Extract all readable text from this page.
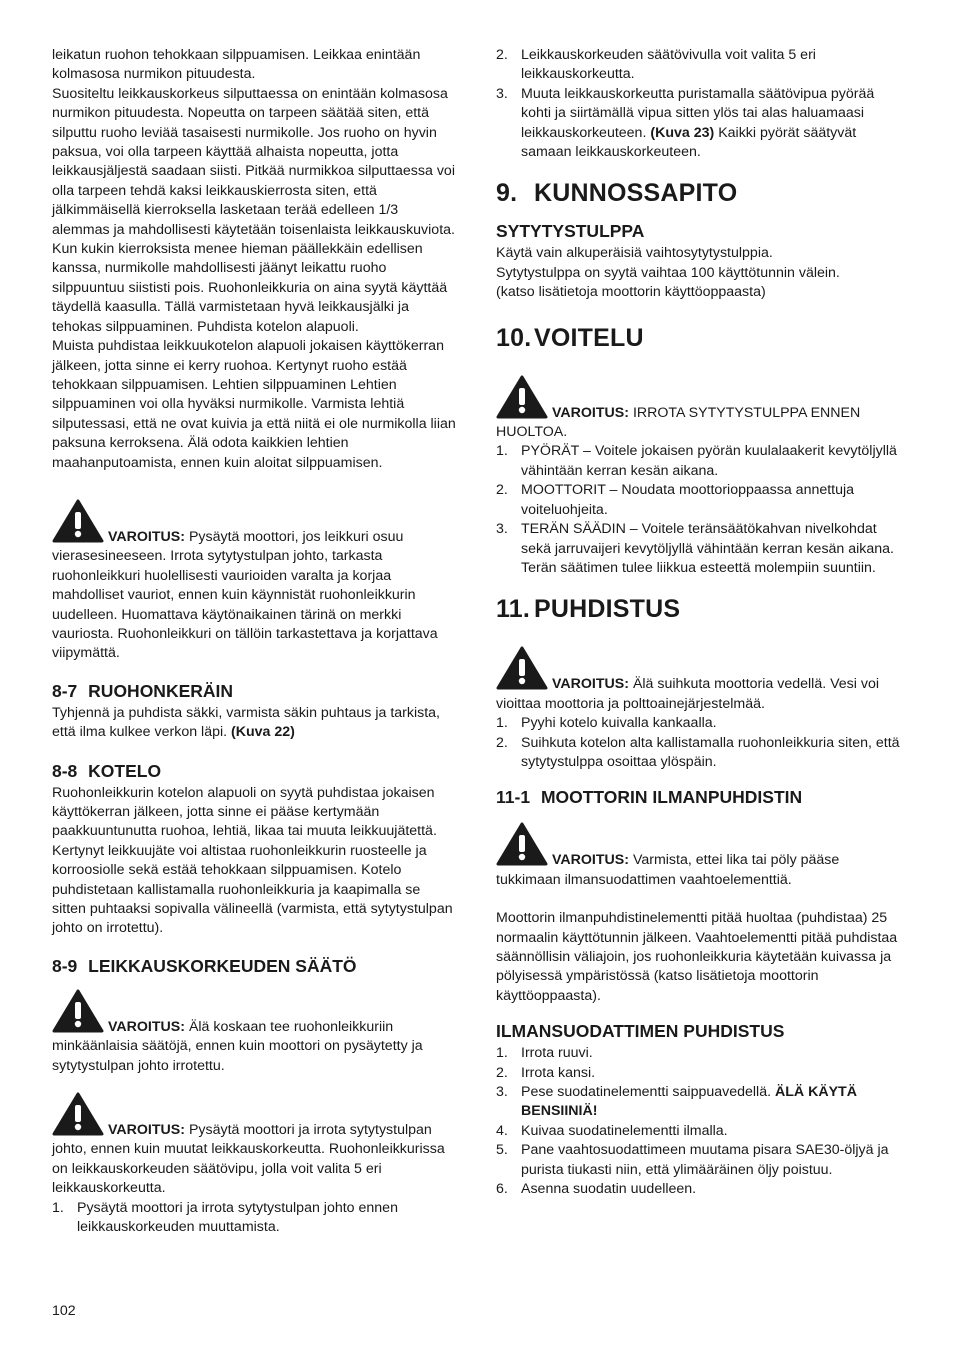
leikatun ruohon tehokkaan silppuamisen. Leikkaa enintään kolmasosa nurmikon pituudesta.

Suositeltu leikkauskorkeus silputtaessa on enintään kolmasosa nurmikon pituudesta. Nopeutta on tarpeen säätää siten, että silputtu ruoho leviää tasaisesti nurmikolle. Jos ruoho on hyvin paksua, voi olla tarpeen käyttää alhaista nopeutta, jotta leikkausjäljestä saadaan siisti. Pitkää nurmikkoa silputtaessa voi olla tarpeen tehdä kaksi leikkauskierrosta siten, että jälkimmäisellä kierroksella lasketaan terää edelleen 1/3 alemmas ja mahdollisesti käytetään toisenlaista leikkauskuviota. Kun kukin kierroksista menee hieman päällekkäin edellisen kanssa, nurmikolle mahdollisesti jäänyt leikattu ruoho silppuuntuu siististi pois. Ruohonleikkuria on aina syytä käyttää täydellä kaasulla. Tällä varmistetaan hyvä leikkausjälki ja tehokas silppuaminen. Puhdista kotelon alapuoli.

Muista puhdistaa leikkuukotelon alapuoli jokaisen käyttökerran jälkeen, jotta sinne ei kerry ruohoa. Kertynyt ruoho estää tehokkaan silppuamisen. Lehtien silppuaminen Lehtien silppuaminen voi olla hyväksi nurmikolle. Varmista lehtiä silputessasi, että ne ovat kuivia ja että niitä ei ole nurmikolla liian paksuna kerroksena. Älä odota kaikkien lehtien maahanputoamista, ennen kuin aloitat silppuamisen.

VAROITUS: Pysäytä moottori, jos leikkuri osuu vierasesineeseen. Irrota sytytystulpan johto, tarkasta ruohonleikkuri huolellisesti vaurioiden varalta ja korjaa mahdolliset vauriot, ennen kuin käynnistät ruohonleikkurin uudelleen. Huomattava käytönaikainen tärinä on merkki vauriosta. Ruohonleikkuri on tällöin tarkastettava ja korjattava viipymättä.

8-7 RUOHONKERÄIN

Tyhjennä ja puhdista säkki, varmista säkin puhtaus ja tarkista, että ilma kulkee verkon läpi. (Kuva 22)

8-8 KOTELO

Ruohonleikkurin kotelon alapuoli on syytä puhdistaa jokaisen käyttökerran jälkeen, jotta sinne ei pääse kertymään paakkuuntunutta ruohoa, lehtiä, likaa tai muuta leikkuujätettä. Kertynyt leikkuujäte voi altistaa ruohonleikkurin ruosteelle ja korroosiolle sekä estää tehokkaan silppuamisen. Kotelo puhdistetaan kallistamalla ruohonleikkuria ja kaapimalla se sitten puhtaaksi sopivalla välineellä (varmista, että sytytystulpan johto on irrotettu).

8-9 LEIKKAUSKORKEUDEN SÄÄTÖ

VAROITUS: Älä koskaan tee ruohonleikkuriin minkäänlaisia säätöjä, ennen kuin moottori on pysäytetty ja sytytystulpan johto irrotettu.

VAROITUS: Pysäytä moottori ja irrota sytytystulpan johto, ennen kuin muutat leikkauskorkeutta. Ruohonleikkurissa on leikkauskorkeuden säätövipu, jolla voit valita 5 eri leikkauskorkeutta.

1. Pysäytä moottori ja irrota sytytystulpan johto ennen leikkauskorkeuden muuttamista.
2. Leikkauskorkeuden säätövivulla voit valita 5 eri leikkauskorkeutta.
3. Muuta leikkauskorkeutta puristamalla säätövipua pyörää kohti ja siirtämällä vipua sitten ylös tai alas haluamaasi leikkauskorkeuteen. (Kuva 23) Kaikki pyörät säätyvät samaan leikkauskorkeuteen.
9. KUNNOSSAPITO
SYTYTYSTULPPA

Käytä vain alkuperäisiä vaihtosytytystulppia.

Sytytystulppa on syytä vaihtaa 100 käyttötunnin välein.

(katso lisätietoja moottorin käyttöoppaasta)

10. VOITELU

VAROITUS: IRROTA SYTYTYSTULPPA ENNEN HUOLTOA.

1. PYÖRÄT – Voitele jokaisen pyörän kuulalaakerit kevytöljyllä vähintään kerran kesän aikana.
2. MOOTTORIT – Noudata moottorioppaassa annettuja voiteluohjeita.
3. TERÄN SÄÄDIN – Voitele teränsäätökahvan nivelkohdat sekä jarruvaijeri kevytöljyllä vähintään kerran kesän aikana. Terän säätimen tulee liikkua esteettä molempiin suuntiin.
11. PUHDISTUS

VAROITUS: Älä suihkuta moottoria vedellä. Vesi voi vioittaa moottoria ja polttoainejärjestelmää.

1. Pyyhi kotelo kuivalla kankaalla.
2. Suihkuta kotelon alta kallistamalla ruohonleikkuria siten, että sytytystulppa osoittaa ylöspäin.
11-1 MOOTTORIN ILMANPUHDISTIN

VAROITUS: Varmista, ettei lika tai pöly pääse tukkimaan ilmansuodattimen vaahtoelementtiä.

Moottorin ilmanpuhdistinelementti pitää huoltaa (puhdistaa) 25 normaalin käyttötunnin jälkeen. Vaahtoelementti pitää puhdistaa säännöllisin väliajoin, jos ruohonleikkuria käytetään kuivassa ja pölyisessä ympäristössä (katso lisätietoja moottorin käyttöoppaasta).

ILMANSUODATTIMEN PUHDISTUS
1. Irrota ruuvi.
2. Irrota kansi.
3. Pese suodatinelementti saippuavedellä. ÄLÄ KÄYTÄ BENSIINIÄ!
4. Kuivaa suodatinelementti ilmalla.
5. Pane vaahtosuodattimeen muutama pisara SAE30-öljyä ja purista tiukasti niin, että ylimääräinen öljy poistuu.
6. Asenna suodatin uudelleen.
102
